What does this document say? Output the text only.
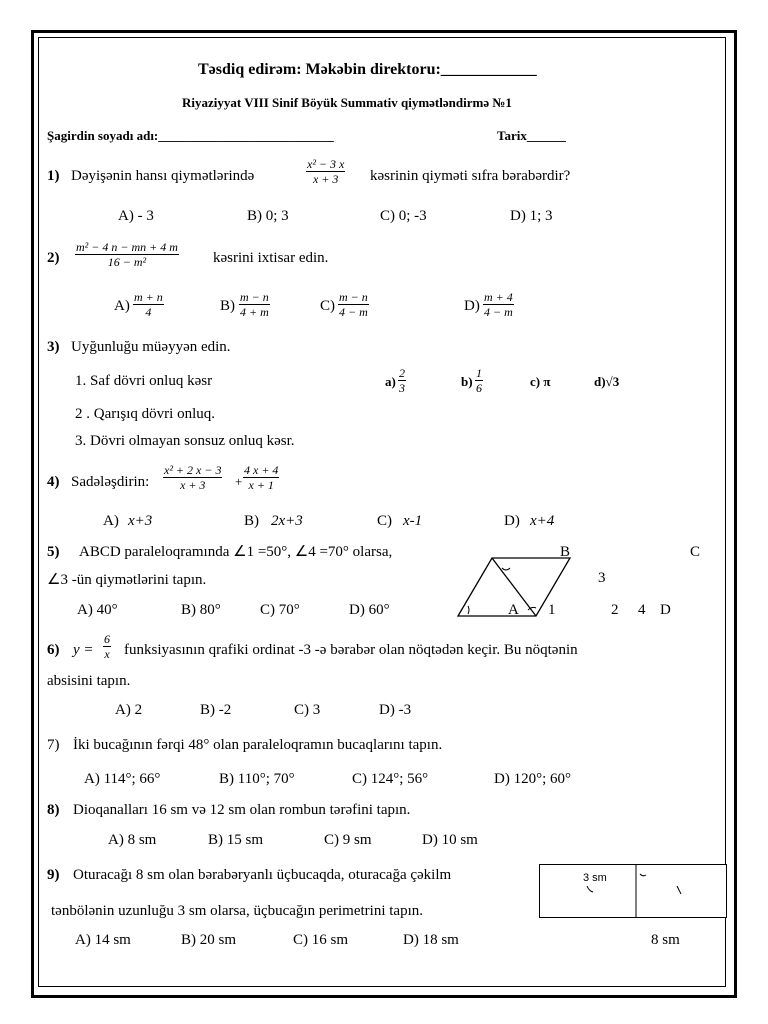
Təsdiq edirəm: Məkəbin direktoru:____________
Riyaziyyat VIII Sinif Böyük Summativ qiymətləndirmə №1
Şagirdin soyadı adı:___________________________	Tarix______
1) Dəyişənin hansı qiymətlərində	$\frac{\text{x² − 3 x}}{x + 3}$ kəsrinin qiyməti sıfra bərabərdir?
A) - 3	B) 0; 3	C) 0; -3	D) 1; 3
$2) \frac{\text{m² − 4 n − mn + 4 m}}{\text{16 − m²}}$ kəsrini ixtisar edin.
$A) \frac{m + n}{4}$	$B) \frac{m - n}{4 + m}$	$C) \frac{m - n}{4 - m}$	$D) \frac{m + 4}{4 - m}$
3) Uyğunluğu müəyyən edin.
1. Saf dövri onluq kəsr
2 . Qarışıq dövri onluq.
3. Dövri olmayan sonsuz onluq kəsr.
$a) \frac{2}{3}$	$b) \frac{1}{6}$	c) π	d)√3
4) Sadələşdirin: $\frac{\text{x² + 2 x − 3}}{x + 3} + \frac{4 x + 4}{x + 1}$
A) x+3	B) 2x+3	C) x-1	D) x+4
5) ABCD paraleloqramında ∠1 =50°, ∠4 =70° olarsa,
∠3 -ün qiymətlərini tapın.
A) 40°	B) 80°	C) 70°	D) 60°
B	C
3
A 1	2 4 D
6) $y = \frac{6}{x}$ funksiyasının qrafiki ordinat -3 -ə bərabər olan nöqtədən keçir. Bu nöqtənin
absisini tapın.
A) 2	B) -2	C) 3	D) -3
7) İki bucağının fərqi 48° olan paraleloqramın bucaqlarını tapın.
A) 114°; 66°	B) 110°; 70°	C) 124°; 56°	D) 120°; 60°
8) Dioqanalları 16 sm və 12 sm olan rombun tərəfini tapın.
A) 8 sm	B) 15 sm	C) 9 sm	D) 10 sm
9) Oturacağı 8 sm olan bərabəryanlı üçbucaqda, oturacağa çəkilm
tənbölənin uzunluğu 3 sm olarsa, üçbucağın perimetrini tapın.
A) 14 sm	B) 20 sm	C) 16 sm	D) 18 sm	8 sm
3 sm
